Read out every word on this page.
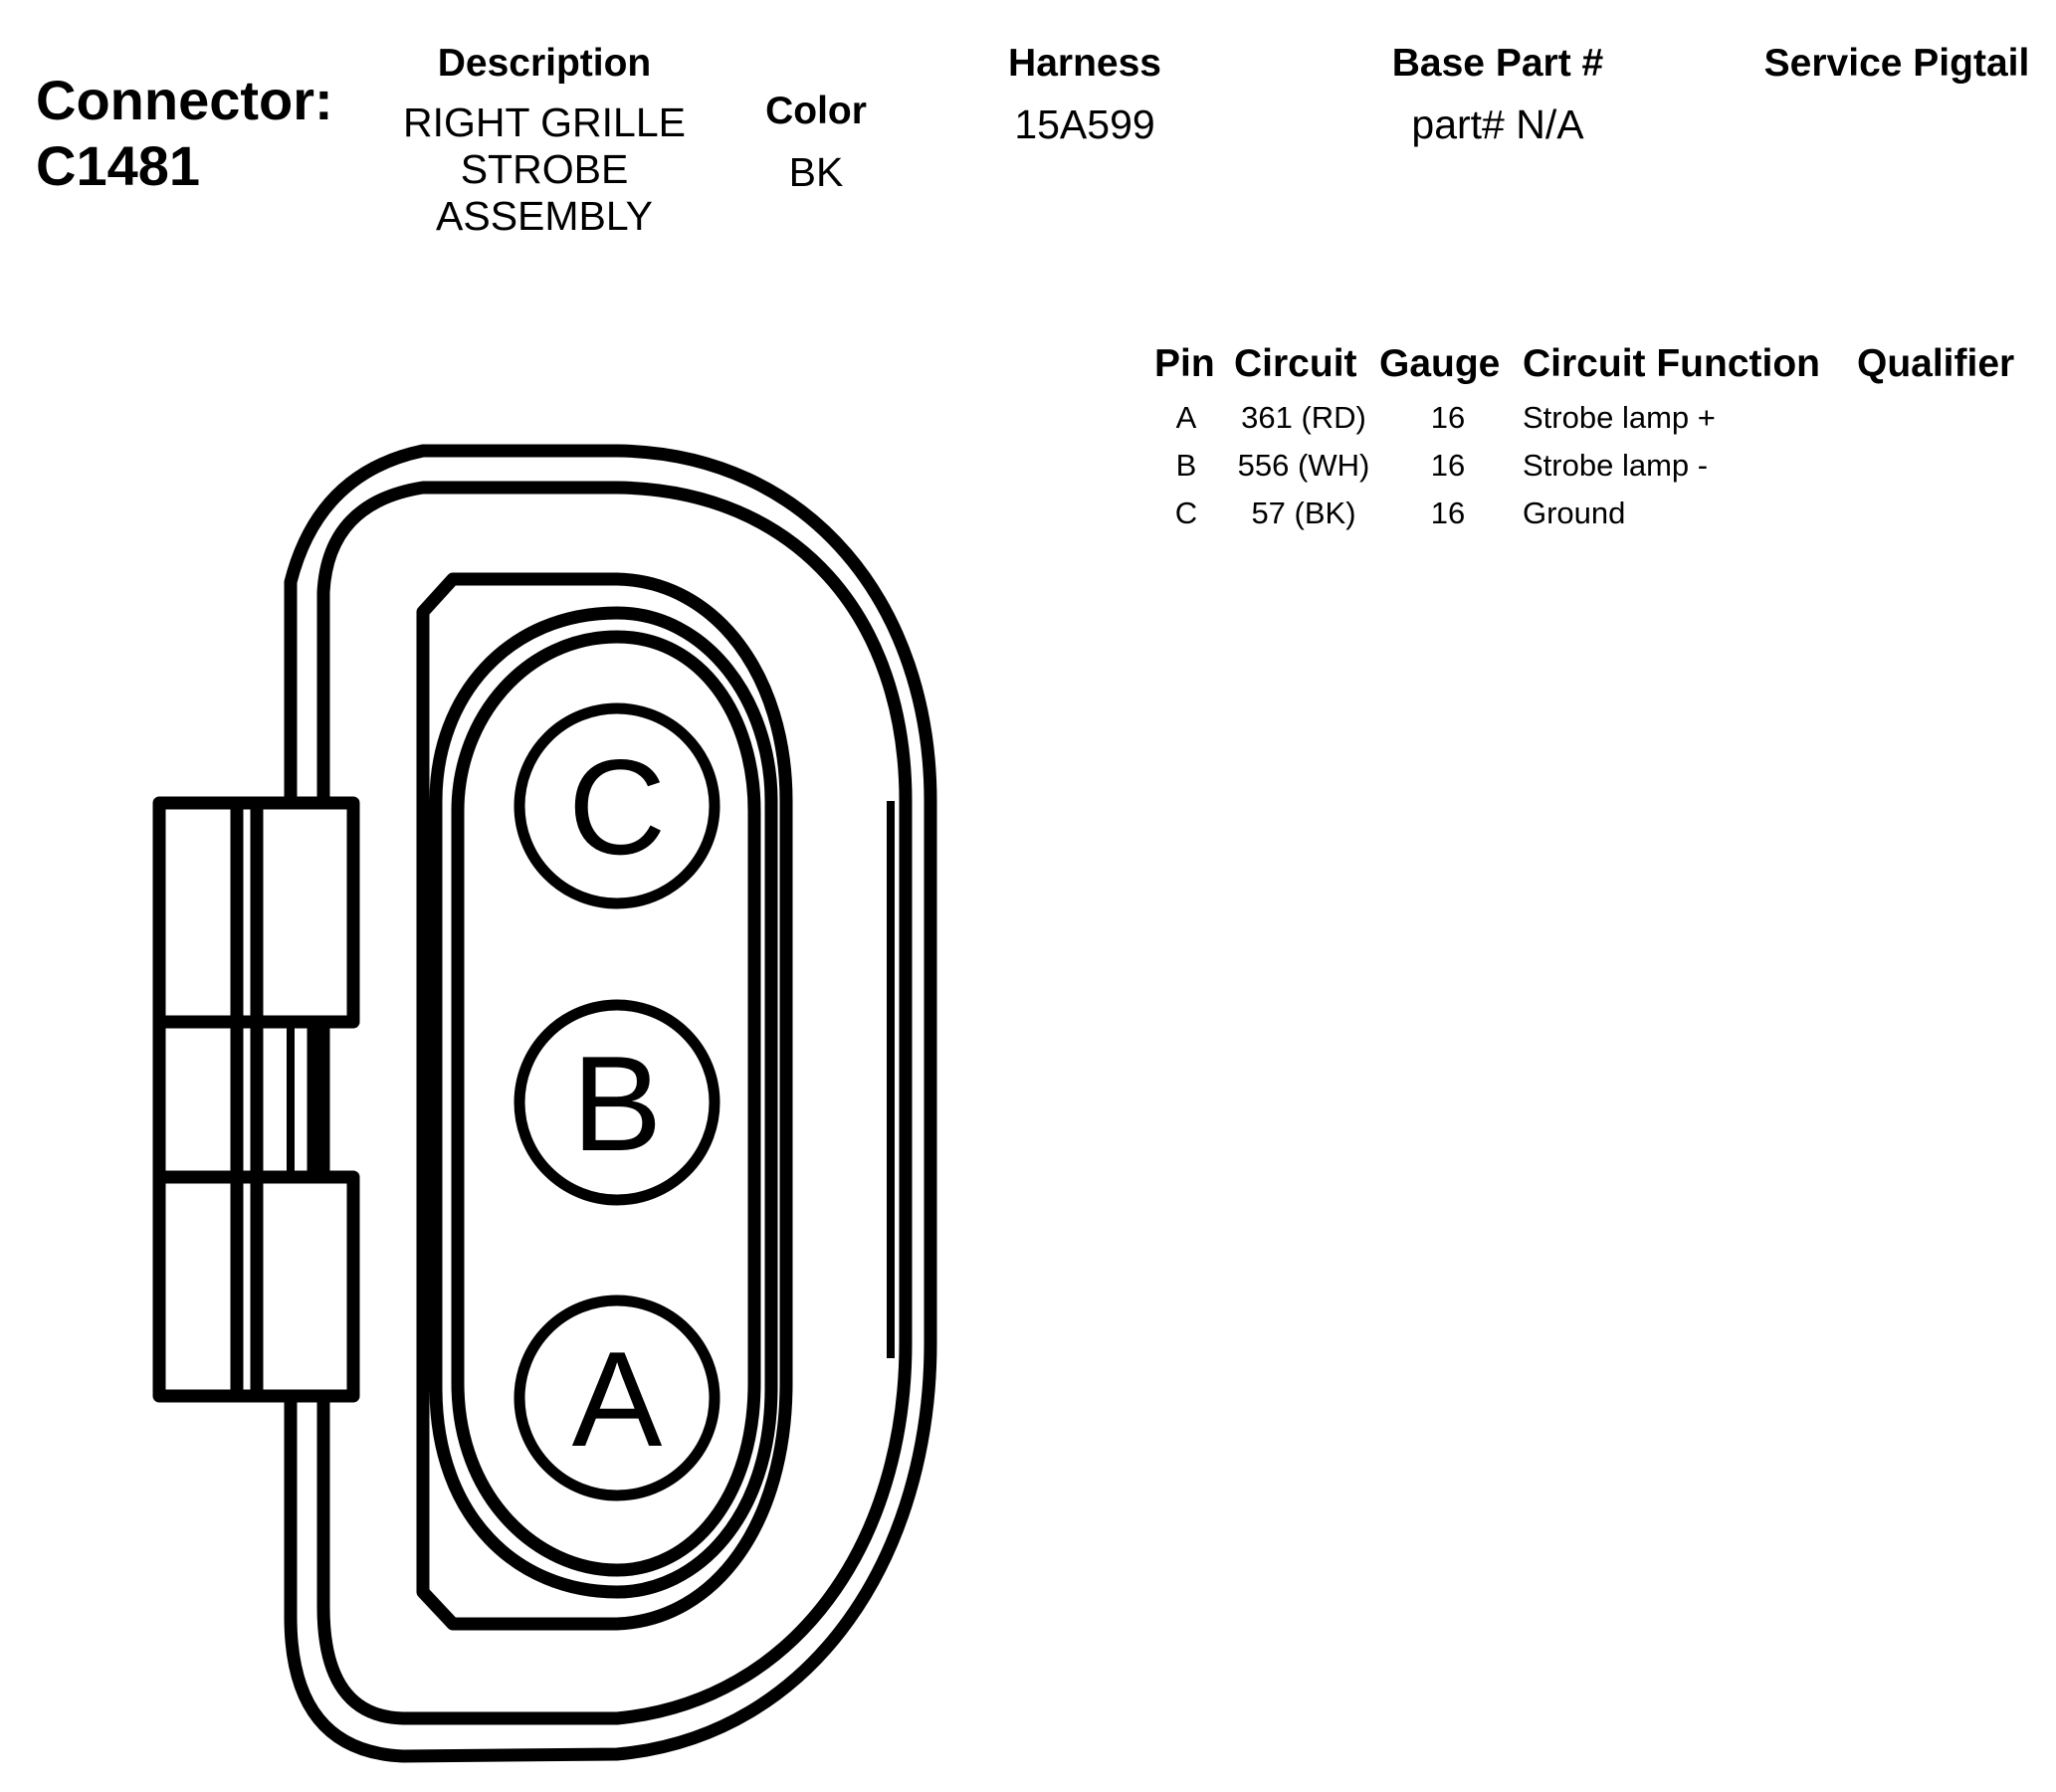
Connector:
C1481
Description
RIGHT GRILLE
STROBE
ASSEMBLY
Color
BK
Harness
15A599
Base Part #
part# N/A
Service Pigtail
Pin Circuit Gauge Circuit Function Qualifier
A	361 (RD)	16	Strobe lamp +
B	556 (WH)	16	Strobe lamp -
C	57 (BK)	16	Ground
C
B
A
